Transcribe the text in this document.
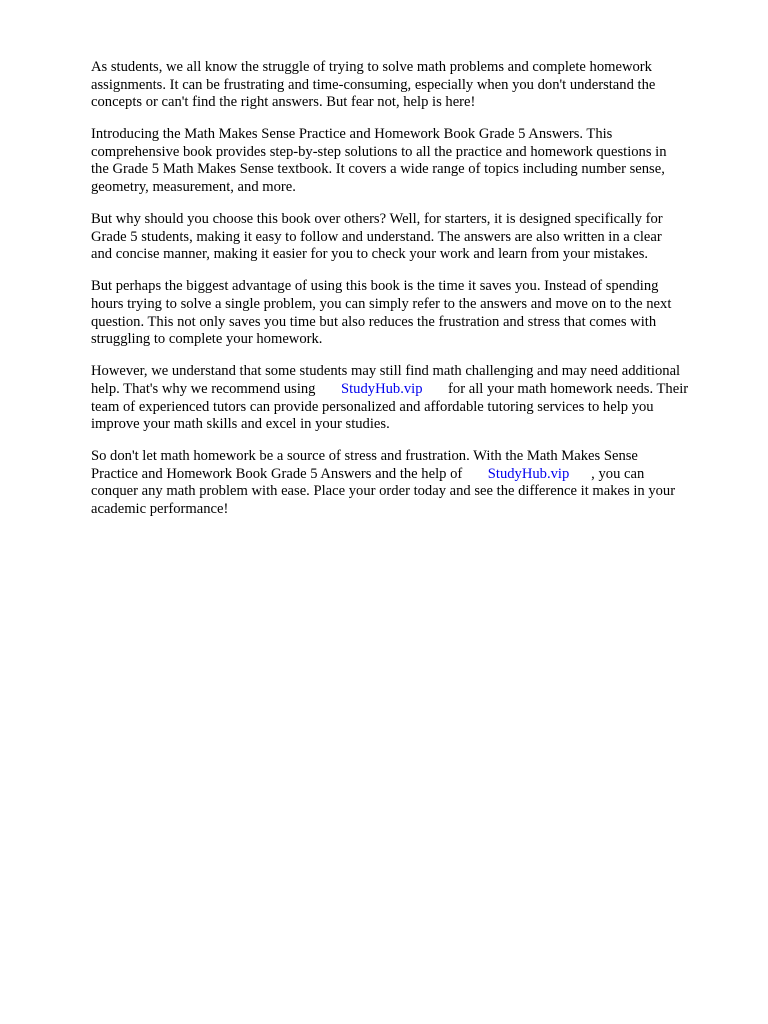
As students, we all know the struggle of trying to solve math problems and complete homework
assignments. It can be frustrating and time-consuming, especially when you don't understand the
concepts or can't find the right answers. But fear not, help is here!

Introducing the Math Makes Sense Practice and Homework Book Grade 5 Answers. This
comprehensive book provides step-by-step solutions to all the practice and homework questions in
the Grade 5 Math Makes Sense textbook. It covers a wide range of topics including number sense,
geometry, measurement, and more.

But why should you choose this book over others? Well, for starters, it is designed specifically for
Grade 5 students, making it easy to follow and understand. The answers are also written in a clear
and concise manner, making it easier for you to check your work and learn from your mistakes.

But perhaps the biggest advantage of using this book is the time it saves you. Instead of spending
hours trying to solve a single problem, you can simply refer to the answers and move on to the next
question. This not only saves you time but also reduces the frustration and stress that comes with
struggling to complete your homework.

However, we understand that some students may still find math challenging and may need additional
help. That's why we recommend using       StudyHub.vip       for all your math homework needs. Their
team of experienced tutors can provide personalized and affordable tutoring services to help you
improve your math skills and excel in your studies.

So don't let math homework be a source of stress and frustration. With the Math Makes Sense
Practice and Homework Book Grade 5 Answers and the help of       StudyHub.vip      , you can
conquer any math problem with ease. Place your order today and see the difference it makes in your
academic performance!
